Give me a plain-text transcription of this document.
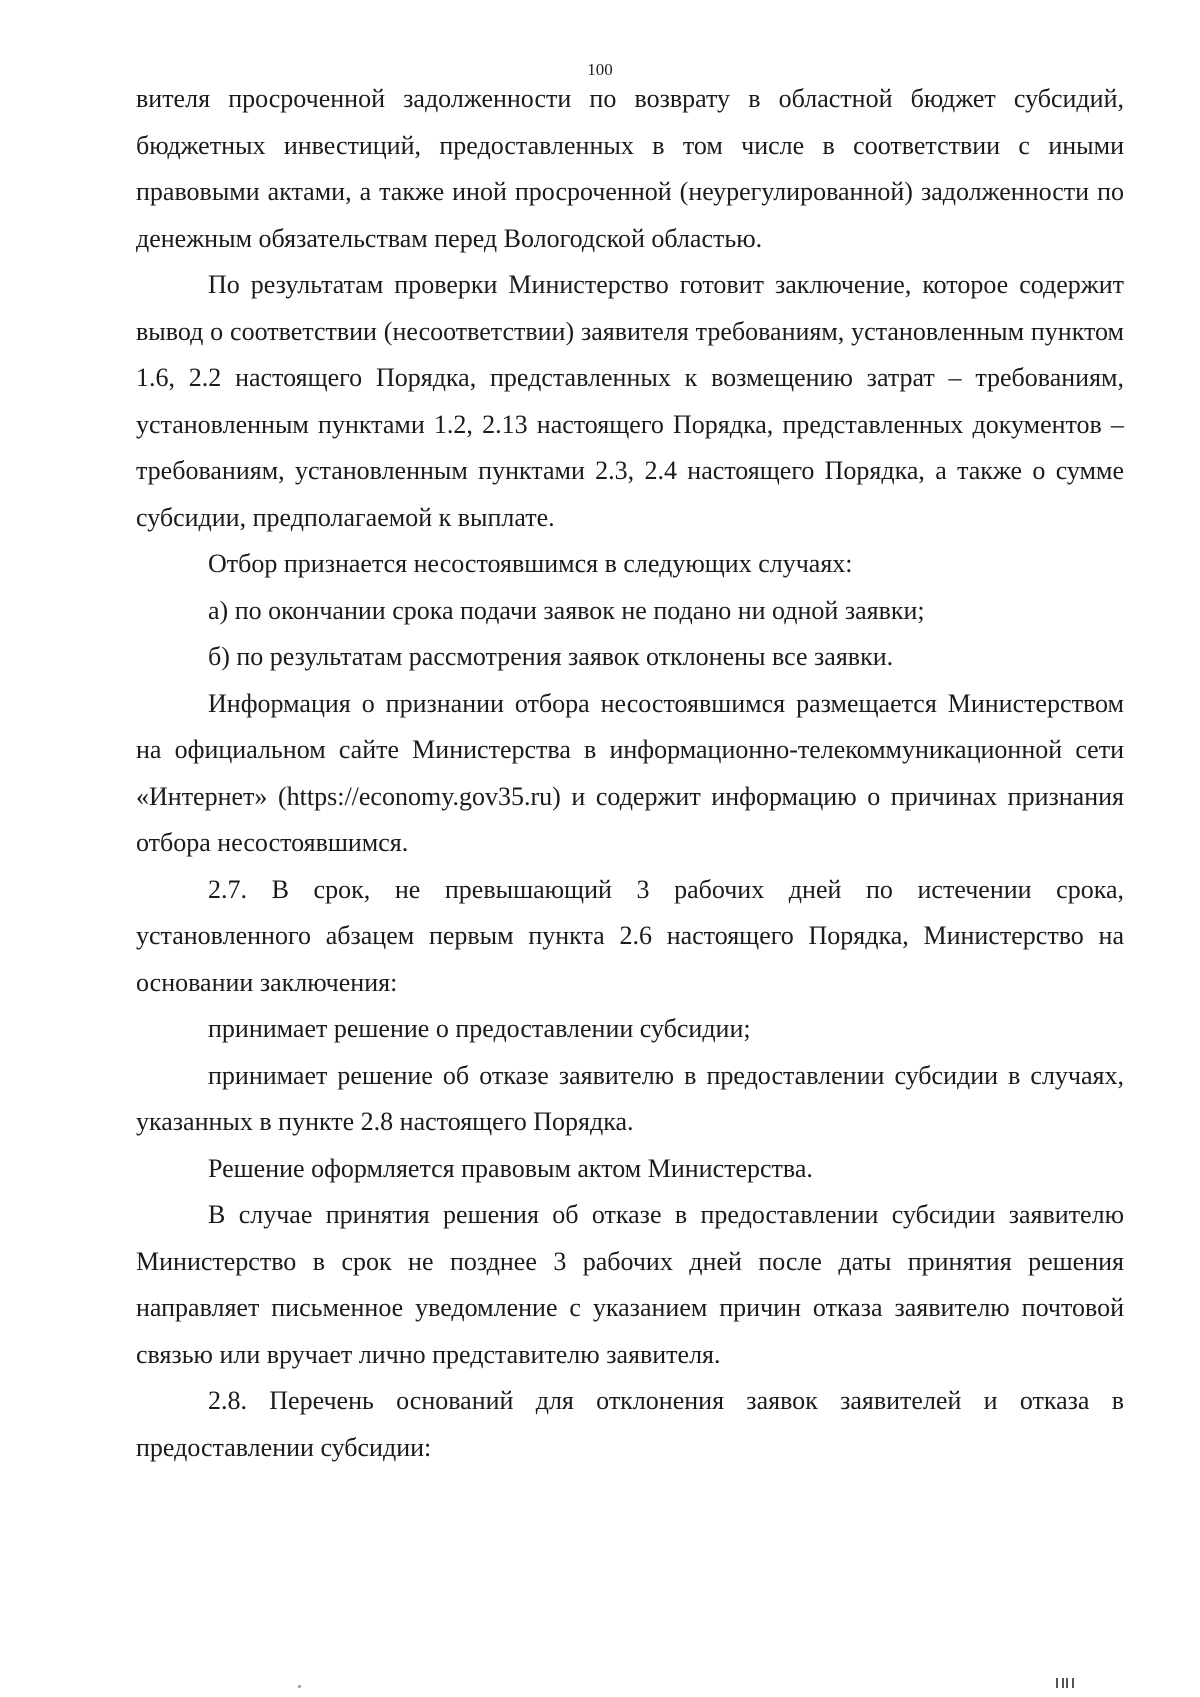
100

вителя просроченной задолженности по возврату в областной бюджет субсидий, бюджетных инвестиций, предоставленных в том числе в соответствии с иными правовыми актами, а также иной просроченной (неурегулированной) задолженности по денежным обязательствам перед Вологодской областью.

По результатам проверки Министерство готовит заключение, которое содержит вывод о соответствии (несоответствии) заявителя требованиям, установленным пунктом 1.6, 2.2 настоящего Порядка, представленных к возмещению затрат – требованиям, установленным пунктами 1.2, 2.13 настоящего Порядка, представленных документов – требованиям, установленным пунктами 2.3, 2.4 настоящего Порядка, а также о сумме субсидии, предполагаемой к выплате.

Отбор признается несостоявшимся в следующих случаях:

а) по окончании срока подачи заявок не подано ни одной заявки;

б) по результатам рассмотрения заявок отклонены все заявки.

Информация о признании отбора несостоявшимся размещается Министерством на официальном сайте Министерства в информационно-телекоммуникационной сети «Интернет» (https://economy.gov35.ru) и содержит информацию о причинах признания отбора несостоявшимся.

2.7. В срок, не превышающий 3 рабочих дней по истечении срока, установленного абзацем первым пункта 2.6 настоящего Порядка, Министерство на основании заключения:

принимает решение о предоставлении субсидии;

принимает решение об отказе заявителю в предоставлении субсидии в случаях, указанных в пункте 2.8 настоящего Порядка.

Решение оформляется правовым актом Министерства.

В случае принятия решения об отказе в предоставлении субсидии заявителю Министерство в срок не позднее 3 рабочих дней после даты принятия решения направляет письменное уведомление с указанием причин отказа заявителю почтовой связью или вручает лично представителю заявителя.

2.8. Перечень оснований для отклонения заявок заявителей и отказа в предоставлении субсидии:
